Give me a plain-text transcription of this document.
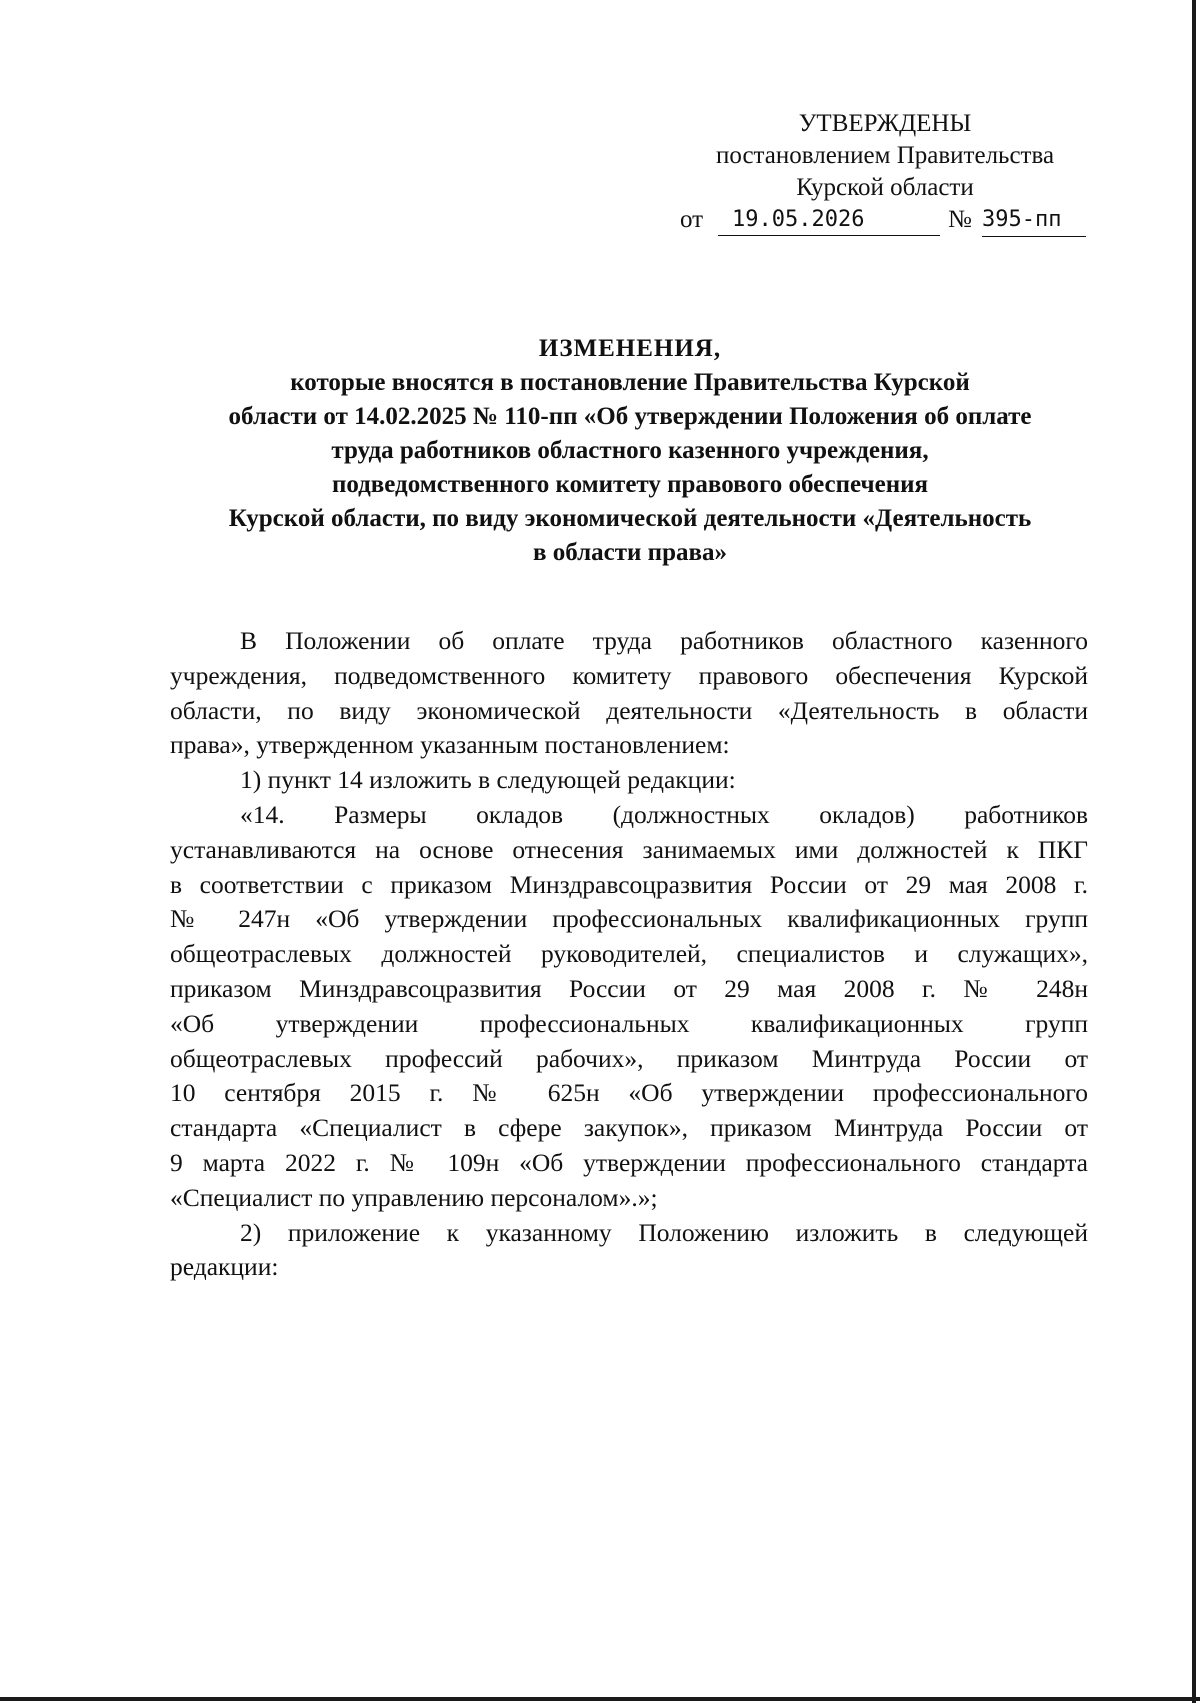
УТВЕРЖДЕНЫ
постановлением Правительства
Курской области
от	19.05.2026	№ 395-пп
ИЗМЕНЕНИЯ,
которые вносятся в постановление Правительства Курской
области от 14.02.2025 № 110-пп «Об утверждении Положения об оплате
труда работников областного казенного учреждения,
подведомственного комитету правового обеспечения
Курской области, по виду экономической деятельности «Деятельность
в области права»
В Положении об оплате труда работников областного казенного
учреждения, подведомственного комитету правового обеспечения Курской
области, по виду экономической деятельности «Деятельность в области
права», утвержденном указанным постановлением:
1) пункт 14 изложить в следующей редакции:
«14. Размеры окладов (должностных окладов) работников
устанавливаются на основе отнесения занимаемых ими должностей к ПКГ
в соответствии с приказом Минздравсоцразвития России от 29 мая 2008 г.
№ 247н «Об утверждении профессиональных квалификационных групп
общеотраслевых должностей руководителей, специалистов и служащих»,
приказом Минздравсоцразвития России от 29 мая 2008 г. № 248н
«Об утверждении профессиональных квалификационных групп
общеотраслевых профессий рабочих», приказом Минтруда России от
10 сентября 2015 г. № 625н «Об утверждении профессионального
стандарта «Специалист в сфере закупок», приказом Минтруда России от
9 марта 2022 г. № 109н «Об утверждении профессионального стандарта
«Специалист по управлению персоналом».»;
2) приложение к указанному Положению изложить в следующей
редакции:
